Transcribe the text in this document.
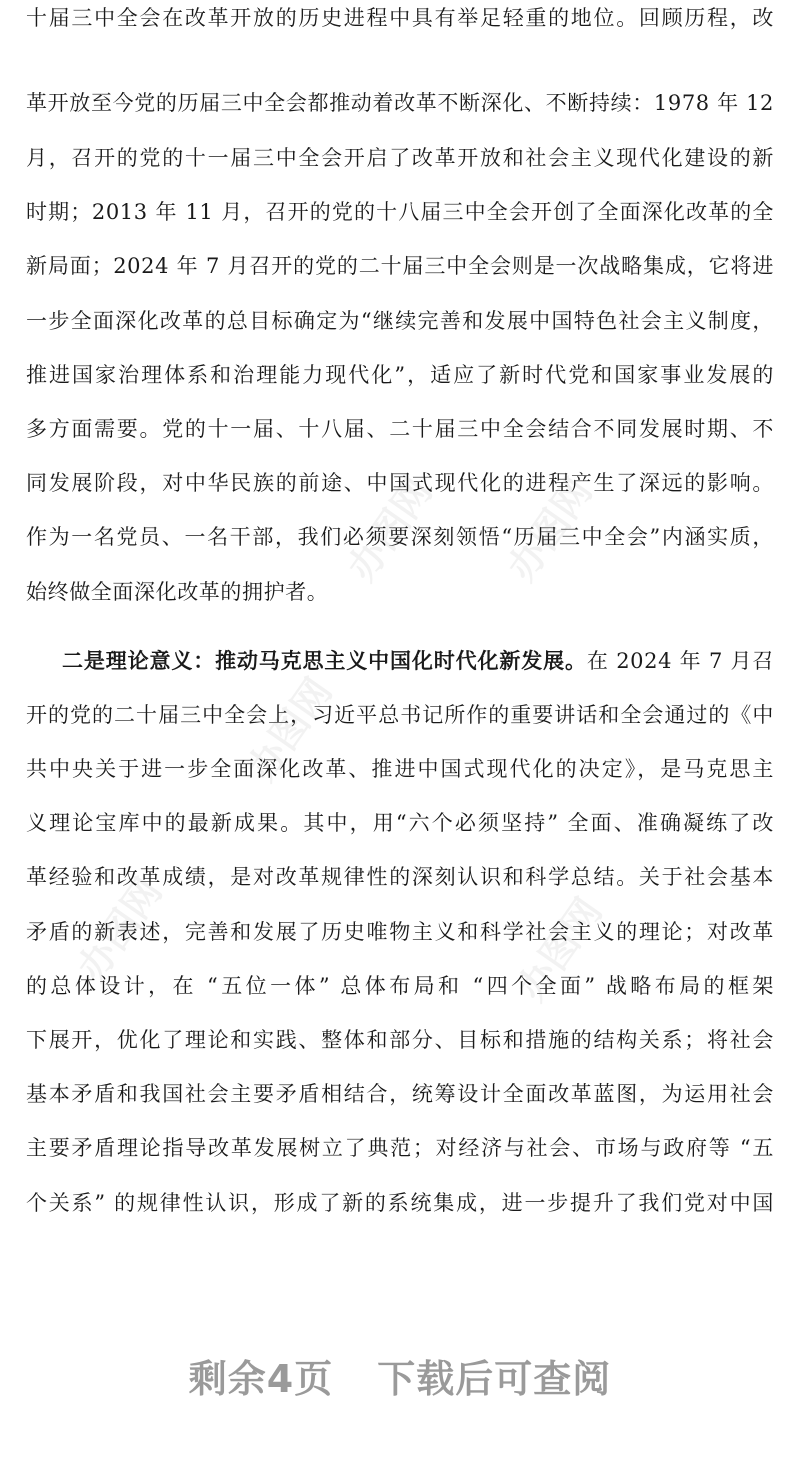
办图网 办图网
办图网
办图网	办图网
十届三中全会在改革开放的历史进程中具有举足轻重的地位。回顾历程，改
革开放至今党的历届三中全会都推动着改革不断深化、不断持续：1978 年 12
月，召开的党的十一届三中全会开启了改革开放和社会主义现代化建设的新
时期；2013 年 11 月，召开的党的十八届三中全会开创了全面深化改革的全
新局面；2024 年 7 月召开的党的二十届三中全会则是一次战略集成，它将进
一步全面深化改革的总目标确定为“继续完善和发展中国特色社会主义制度，
推进国家治理体系和治理能力现代化”，适应了新时代党和国家事业发展的
多方面需要。党的十一届、十八届、二十届三中全会结合不同发展时期、不
同发展阶段，对中华民族的前途、中国式现代化的进程产生了深远的影响。
作为一名党员、一名干部，我们必须要深刻领悟“历届三中全会”内涵实质，
始终做全面深化改革的拥护者。
二是理论意义：推动马克思主义中国化时代化新发展。在 2024 年 7 月召
开的党的二十届三中全会上，习近平总书记所作的重要讲话和全会通过的《中
共中央关于进一步全面深化改革、推进中国式现代化的决定》，是马克思主
义理论宝库中的最新成果。其中，用“六个必须坚持” 全面、准确凝练了改
革经验和改革成绩，是对改革规律性的深刻认识和科学总结。关于社会基本
矛盾的新表述，完善和发展了历史唯物主义和科学社会主义的理论；对改革
的总体设计，在 “五位一体” 总体布局和 “四个全面” 战略布局的框架
下展开，优化了理论和实践、整体和部分、目标和措施的结构关系；将社会
基本矛盾和我国社会主要矛盾相结合，统筹设计全面改革蓝图，为运用社会
主要矛盾理论指导改革发展树立了典范；对经济与社会、市场与政府等 “五
个关系” 的规律性认识，形成了新的系统集成，进一步提升了我们党对中国
剩余4页 下载后可查阅
